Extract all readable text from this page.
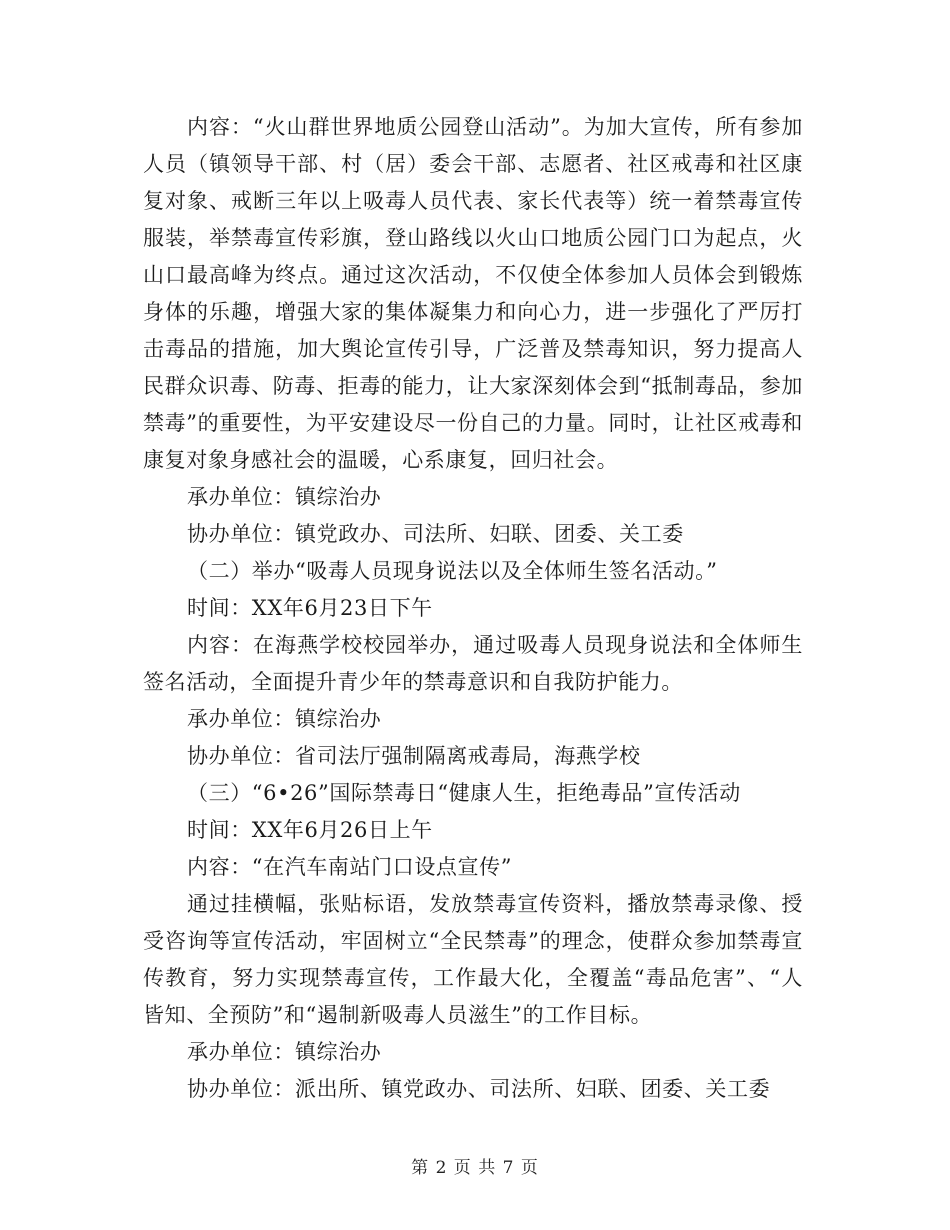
内容：“火山群世界地质公园登山活动”。为加大宣传，所有参加人员（镇领导干部、村（居）委会干部、志愿者、社区戒毒和社区康复对象、戒断三年以上吸毒人员代表、家长代表等）统一着禁毒宣传服装，举禁毒宣传彩旗，登山路线以火山口地质公园门口为起点，火山口最高峰为终点。通过这次活动，不仅使全体参加人员体会到锻炼身体的乐趣，增强大家的集体凝集力和向心力，进一步强化了严厉打击毒品的措施，加大舆论宣传引导，广泛普及禁毒知识，努力提高人民群众识毒、防毒、拒毒的能力，让大家深刻体会到“抵制毒品，参加禁毒”的重要性，为平安建设尽一份自己的力量。同时，让社区戒毒和康复对象身感社会的温暖，心系康复，回归社会。

承办单位：镇综治办

协办单位：镇党政办、司法所、妇联、团委、关工委

（二）举办“吸毒人员现身说法以及全体师生签名活动。”

时间：XX年6月23日下午

内容：在海燕学校校园举办，通过吸毒人员现身说法和全体师生签名活动，全面提升青少年的禁毒意识和自我防护能力。

承办单位：镇综治办

协办单位：省司法厅强制隔离戒毒局，海燕学校

（三）“6•26”国际禁毒日“健康人生，拒绝毒品”宣传活动

时间：XX年6月26日上午

内容：“在汽车南站门口设点宣传”

通过挂横幅，张贴标语，发放禁毒宣传资料，播放禁毒录像、授受咨询等宣传活动，牢固树立“全民禁毒”的理念，使群众参加禁毒宣传教育，努力实现禁毒宣传，工作最大化，全覆盖“毒品危害”、“人皆知、全预防”和“遏制新吸毒人员滋生”的工作目标。

承办单位：镇综治办

协办单位：派出所、镇党政办、司法所、妇联、团委、关工委

第 2 页 共 7 页
